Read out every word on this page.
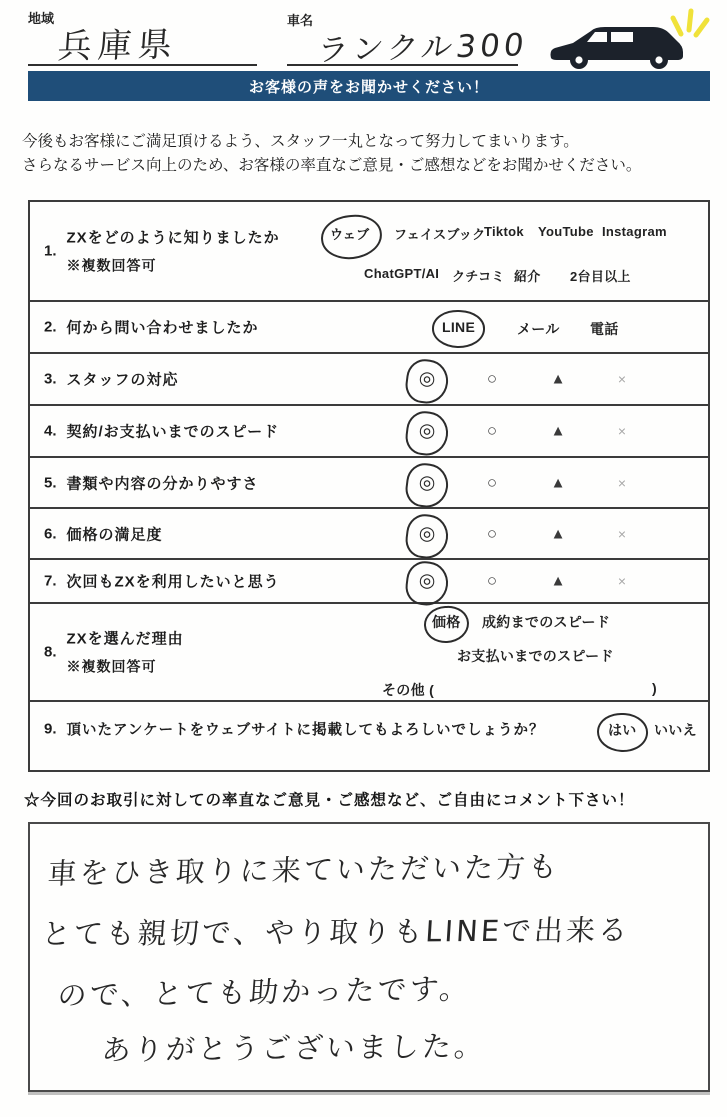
地域
兵庫県
車名
ランクル300
お客様の声をお聞かせください！
今後もお客様にご満足頂けるよう、スタッフ一丸となって努力してまいります。
さらなるサービス向上のため、お客様の率直なご意見・ご感想などをお聞かせください。
1.
ZXをどのように知りましたか
※複数回答可
ウェブ フェイスブック
Tiktok YouTube Instagram
ChatGPT/AI クチコミ 紹介 2台目以上
2. 何から問い合わせましたか	LINE	メール 電話
3. スタッフの対応	◎	○	▲	×
4. 契約/お支払いまでのスピード	◎	○	▲	×
5. 書類や内容の分かりやすさ	◎	○	▲	×
6. 価格の満足度	◎	○	▲	×
7. 次回もZXを利用したいと思う	◎	○	▲	×
8.
ZXを選んだ理由
※複数回答可
価格 成約までのスピード
お支払いまでのスピード
その他 (	)
9. 頂いたアンケートをウェブサイトに掲載してもよろしいでしょうか？	はい いいえ
☆今回のお取引に対しての率直なご意見・ご感想など、ご自由にコメント下さい！
車をひき取りに来ていただいた方も
とても親切で、やり取りもLINEで出来る
ので、とても助かったです。
ありがとうございました。
